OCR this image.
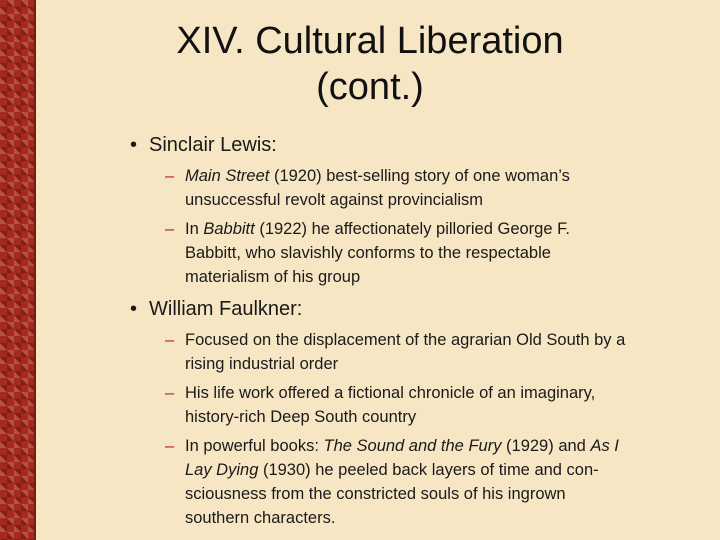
XIV. Cultural Liberation
(cont.)
• Sinclair Lewis:
– Main Street (1920) best-selling story of one woman’s
unsuccessful revolt against provincialism
– In Babbitt (1922) he affectionately pilloried George F.
Babbitt, who slavishly conforms to the respectable
materialism of his group
• William Faulkner:
– Focused on the displacement of the agrarian Old South by a
rising industrial order
– His life work offered a fictional chronicle of an imaginary,
history-rich Deep South country
– In powerful books: The Sound and the Fury (1929) and As I
Lay Dying (1930) he peeled back layers of time and con-
sciousness from the constricted souls of his ingrown
southern characters.
